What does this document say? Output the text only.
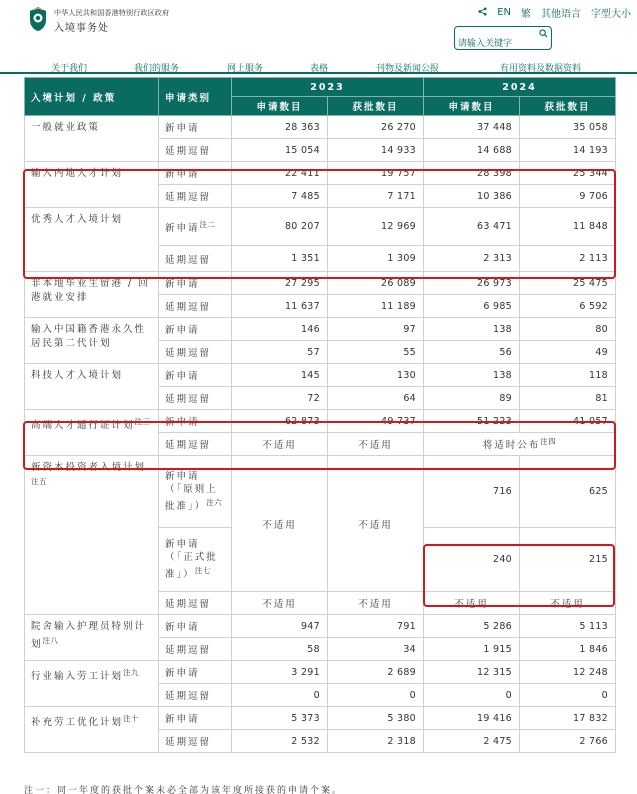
中华人民共和国香港特别行政区政府
入境事务处
EN 繁 其他语言 字型大小
请输入关键字
关于我们	我们的服务	网上服务	表格	刊物及新闻公报	有用资料及数据资料
入境计划 / 政策	申请类别	2023		2024	
		申请数目	获批数目	申请数目	获批数目
一般就业政策	新申请	28 363	26 270	37 448	35 058
	延期逗留	15 054	14 933	14 688	14 193
输入内地人才计划	新申请	22 411	19 757	28 398	25 344
	延期逗留	7 485	7 171	10 386	9 706
优秀人才入境计划	新申请$^{注二}$	80 207	12 969	63 471	11 848
	延期逗留	1 351	1 309	2 313	2 113
非本地毕业生留港 / 回港就业安排	新申请	27 295	26 089	26 973	25 475
	延期逗留	11 637	11 189	6 985	6 592
输入中国籍香港永久性居民第二代计划	新申请	146	97	138	80
	延期逗留	57	55	56	49
科技人才入境计划	新申请	145	130	138	118
	延期逗留	72	64	89	81
高端人才通行证计划$^{注三}$	新申请	62 873	49 737	51 223	41 057
	延期逗留	不适用	不适用	将适时公布$^{注四}$
新资本投资者入境计划$^{注五}$	新申请（「原则上批准」）$^{注六}$	不适用	不适用	716	625
	新申请（「正式批准」）$^{注七}$			240	215
	延期逗留	不适用	不适用	不适用	不适用
院舍输入护理员特别计划$^{注八}$	新申请	947	791	5 286	5 113
	延期逗留	58	34	1 915	1 846
行业输入劳工计划$^{注九}$	新申请	3 291	2 689	12 315	12 248
	延期逗留	0	0	0	0
补充劳工优化计划$^{注十}$	新申请	5 373	5 380	19 416	17 832
	延期逗留	2 532	2 318	2 475	2 766
注一：同一年度的获批个案未必全部为该年度所接获的申请个案。
